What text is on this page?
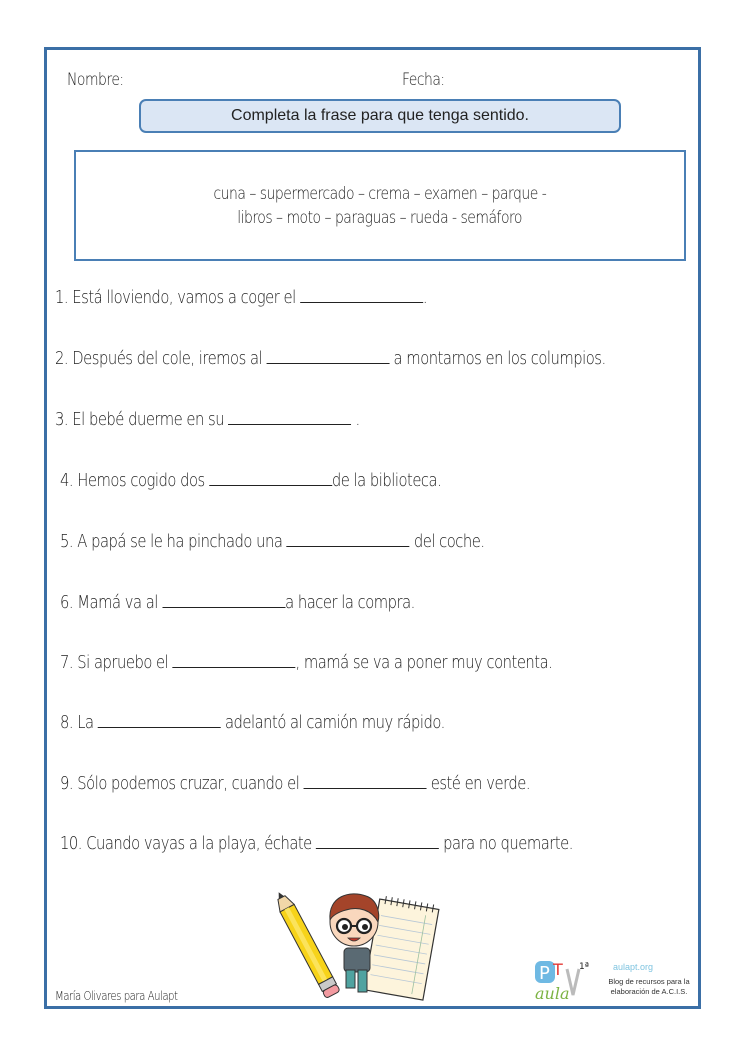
Nombre:	Fecha:
Completa la frase para que tenga sentido.
cuna – supermercado – crema – examen – parque -
libros – moto – paraguas – rueda - semáforo
1. Está lloviendo, vamos a coger el	.
2. Después del cole, iremos al	a montarnos en los columpios.
3. El bebé duerme en su	.
4. Hemos cogido dos	de la biblioteca.
5. A papá se le ha pinchado una	del coche.
6. Mamá va al	a hacer la compra.
7. Si apruebo el	, mamá se va a poner muy contenta.
8. La	adelantó al camión muy rápido.
9. Sólo podemos cruzar, cuando el	esté en verde.
10. Cuando vayas a la playa, échate	para no quemarte.
María Olivares para Aulapt
P T
aula
1ª	aulapt.org
Blog de recursos para la elaboración de A.C.I.S.
